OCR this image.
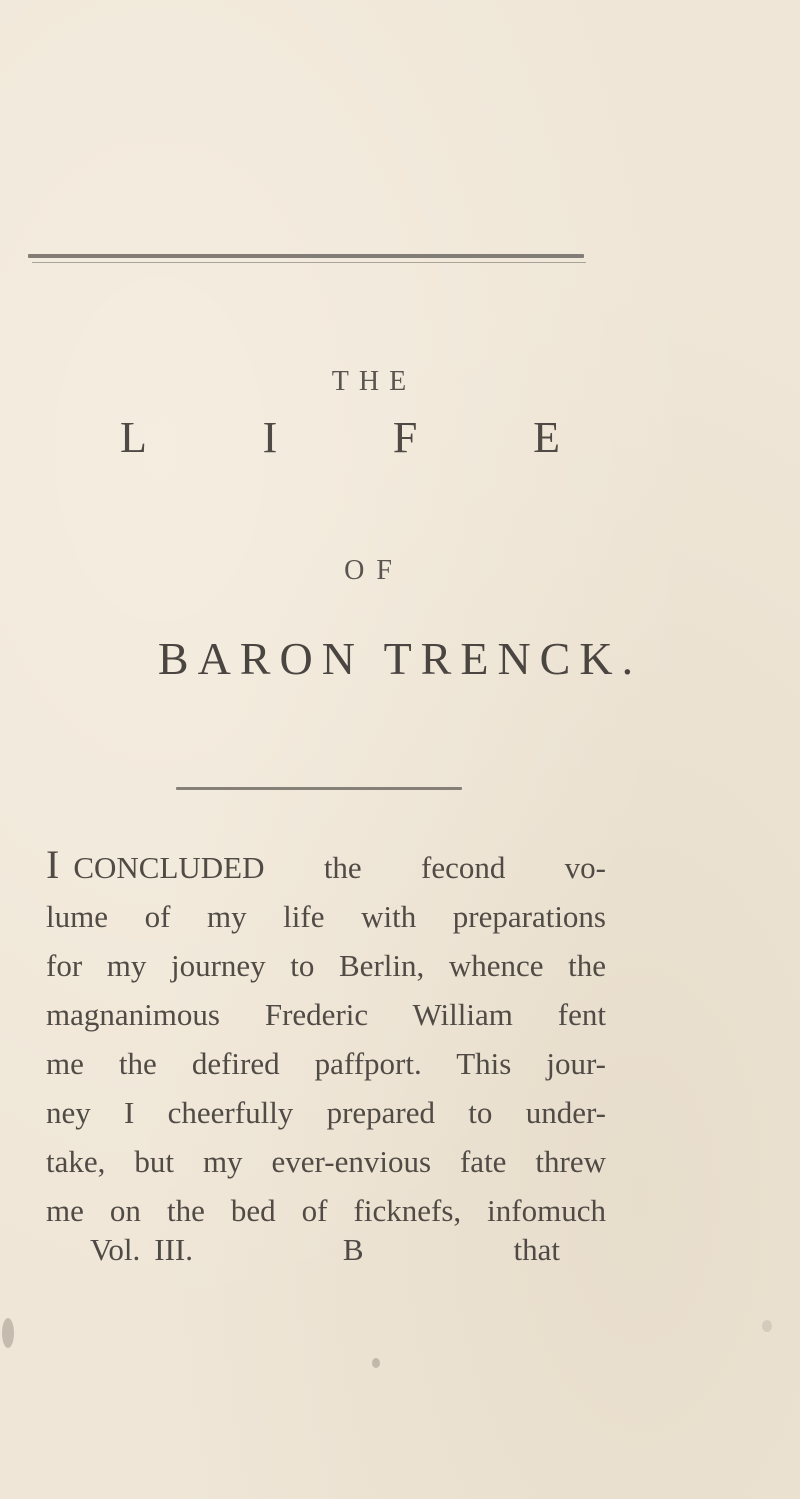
THE
L	I	F	E
OF
BARON TRENCK.
I CONCLUDED the fecond vo-
lume of my life with preparations
for my journey to Berlin, whence the
magnanimous Frederic William fent
me the defired paffport. This jour-
ney I cheerfully prepared to under-
take, but my ever-envious fate threw
me on the bed of ficknefs, infomuch
Vol. III.	B	that
